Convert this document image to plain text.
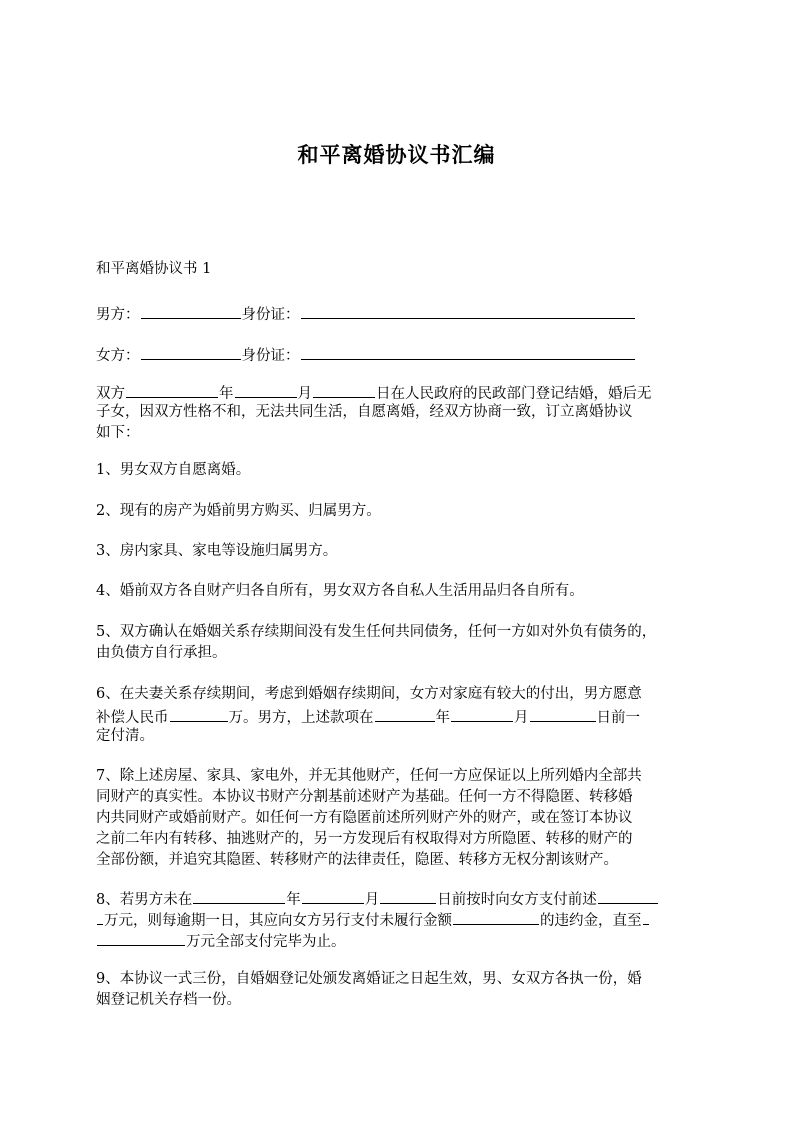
和平离婚协议书汇编
和平离婚协议书 1
男方：	身份证：
女方：	身份证：
双方	年	月	日在人民政府的民政部门登记结婚，婚后无
子女，因双方性格不和，无法共同生活，自愿离婚，经双方协商一致，订立离婚协议
如下：
1、男女双方自愿离婚。
2、现有的房产为婚前男方购买、归属男方。
3、房内家具、家电等设施归属男方。
4、婚前双方各自财产归各自所有，男女双方各自私人生活用品归各自所有。
5、双方确认在婚姻关系存续期间没有发生任何共同债务，任何一方如对外负有债务的，
由负债方自行承担。
6、在夫妻关系存续期间，考虑到婚姻存续期间，女方对家庭有较大的付出，男方愿意
补偿人民币	万。男方，上述款项在	年	月	日前一
定付清。
7、除上述房屋、家具、家电外，并无其他财产，任何一方应保证以上所列婚内全部共
同财产的真实性。本协议书财产分割基前述财产为基础。任何一方不得隐匿、转移婚
内共同财产或婚前财产。如任何一方有隐匿前述所列财产外的财产，或在签订本协议
之前二年内有转移、抽逃财产的，另一方发现后有权取得对方所隐匿、转移的财产的
全部份额，并追究其隐匿、转移财产的法律责任，隐匿、转移方无权分割该财产。
8、若男方未在	年	月	日前按时向女方支付前述
万元，则每逾期一日，其应向女方另行支付未履行金额	的违约金，直至
万元全部支付完毕为止。
9、本协议一式三份，自婚姻登记处颁发离婚证之日起生效，男、女双方各执一份，婚
姻登记机关存档一份。
